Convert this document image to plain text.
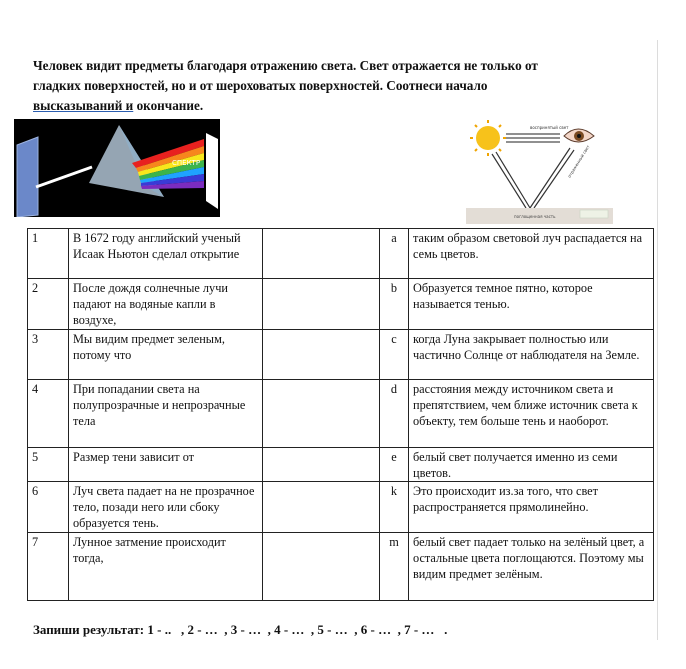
Человек видит предметы благодаря отражению света. Свет отражается не только от
гладких поверхностей, но и от шероховатых поверхностей. Соотнеси начало
высказываний и окончание.
СПЕКТР
воспринятый свет
отраженный свет
поглощенная часть
1	В 1672 году английский ученый Исаак Ньютон сделал открытие		a	таким образом световой луч распадается на семь цветов.
2	После дождя солнечные лучи падают на водяные капли в воздухе,		b	Образуется темное пятно, которое называется тенью.
3	Мы видим предмет зеленым, потому что		c	когда Луна закрывает полностью или частично Солнце от наблюдателя на Земле.
4	При попадании света на полупрозрачные и непрозрачные тела		d	расстояния между источником света и препятствием, чем ближе источник света к объекту, тем больше тень и наоборот.
5	Размер тени зависит от		e	белый свет получается именно из семи цветов.
6	Луч света падает на не прозрачное тело, позади него или сбоку образуется тень.		k	Это происходит из.за того, что свет распространяется прямолинейно.
7	Лунное затмение происходит тогда,		m	белый свет падает только на зелёный цвет, а остальные цвета поглощаются. Поэтому мы видим предмет зелёным.
Запиши результат: 1 - ..   , 2 - …  , 3 - …  , 4 - …  , 5 - …  , 6 - …  , 7 - …   .
